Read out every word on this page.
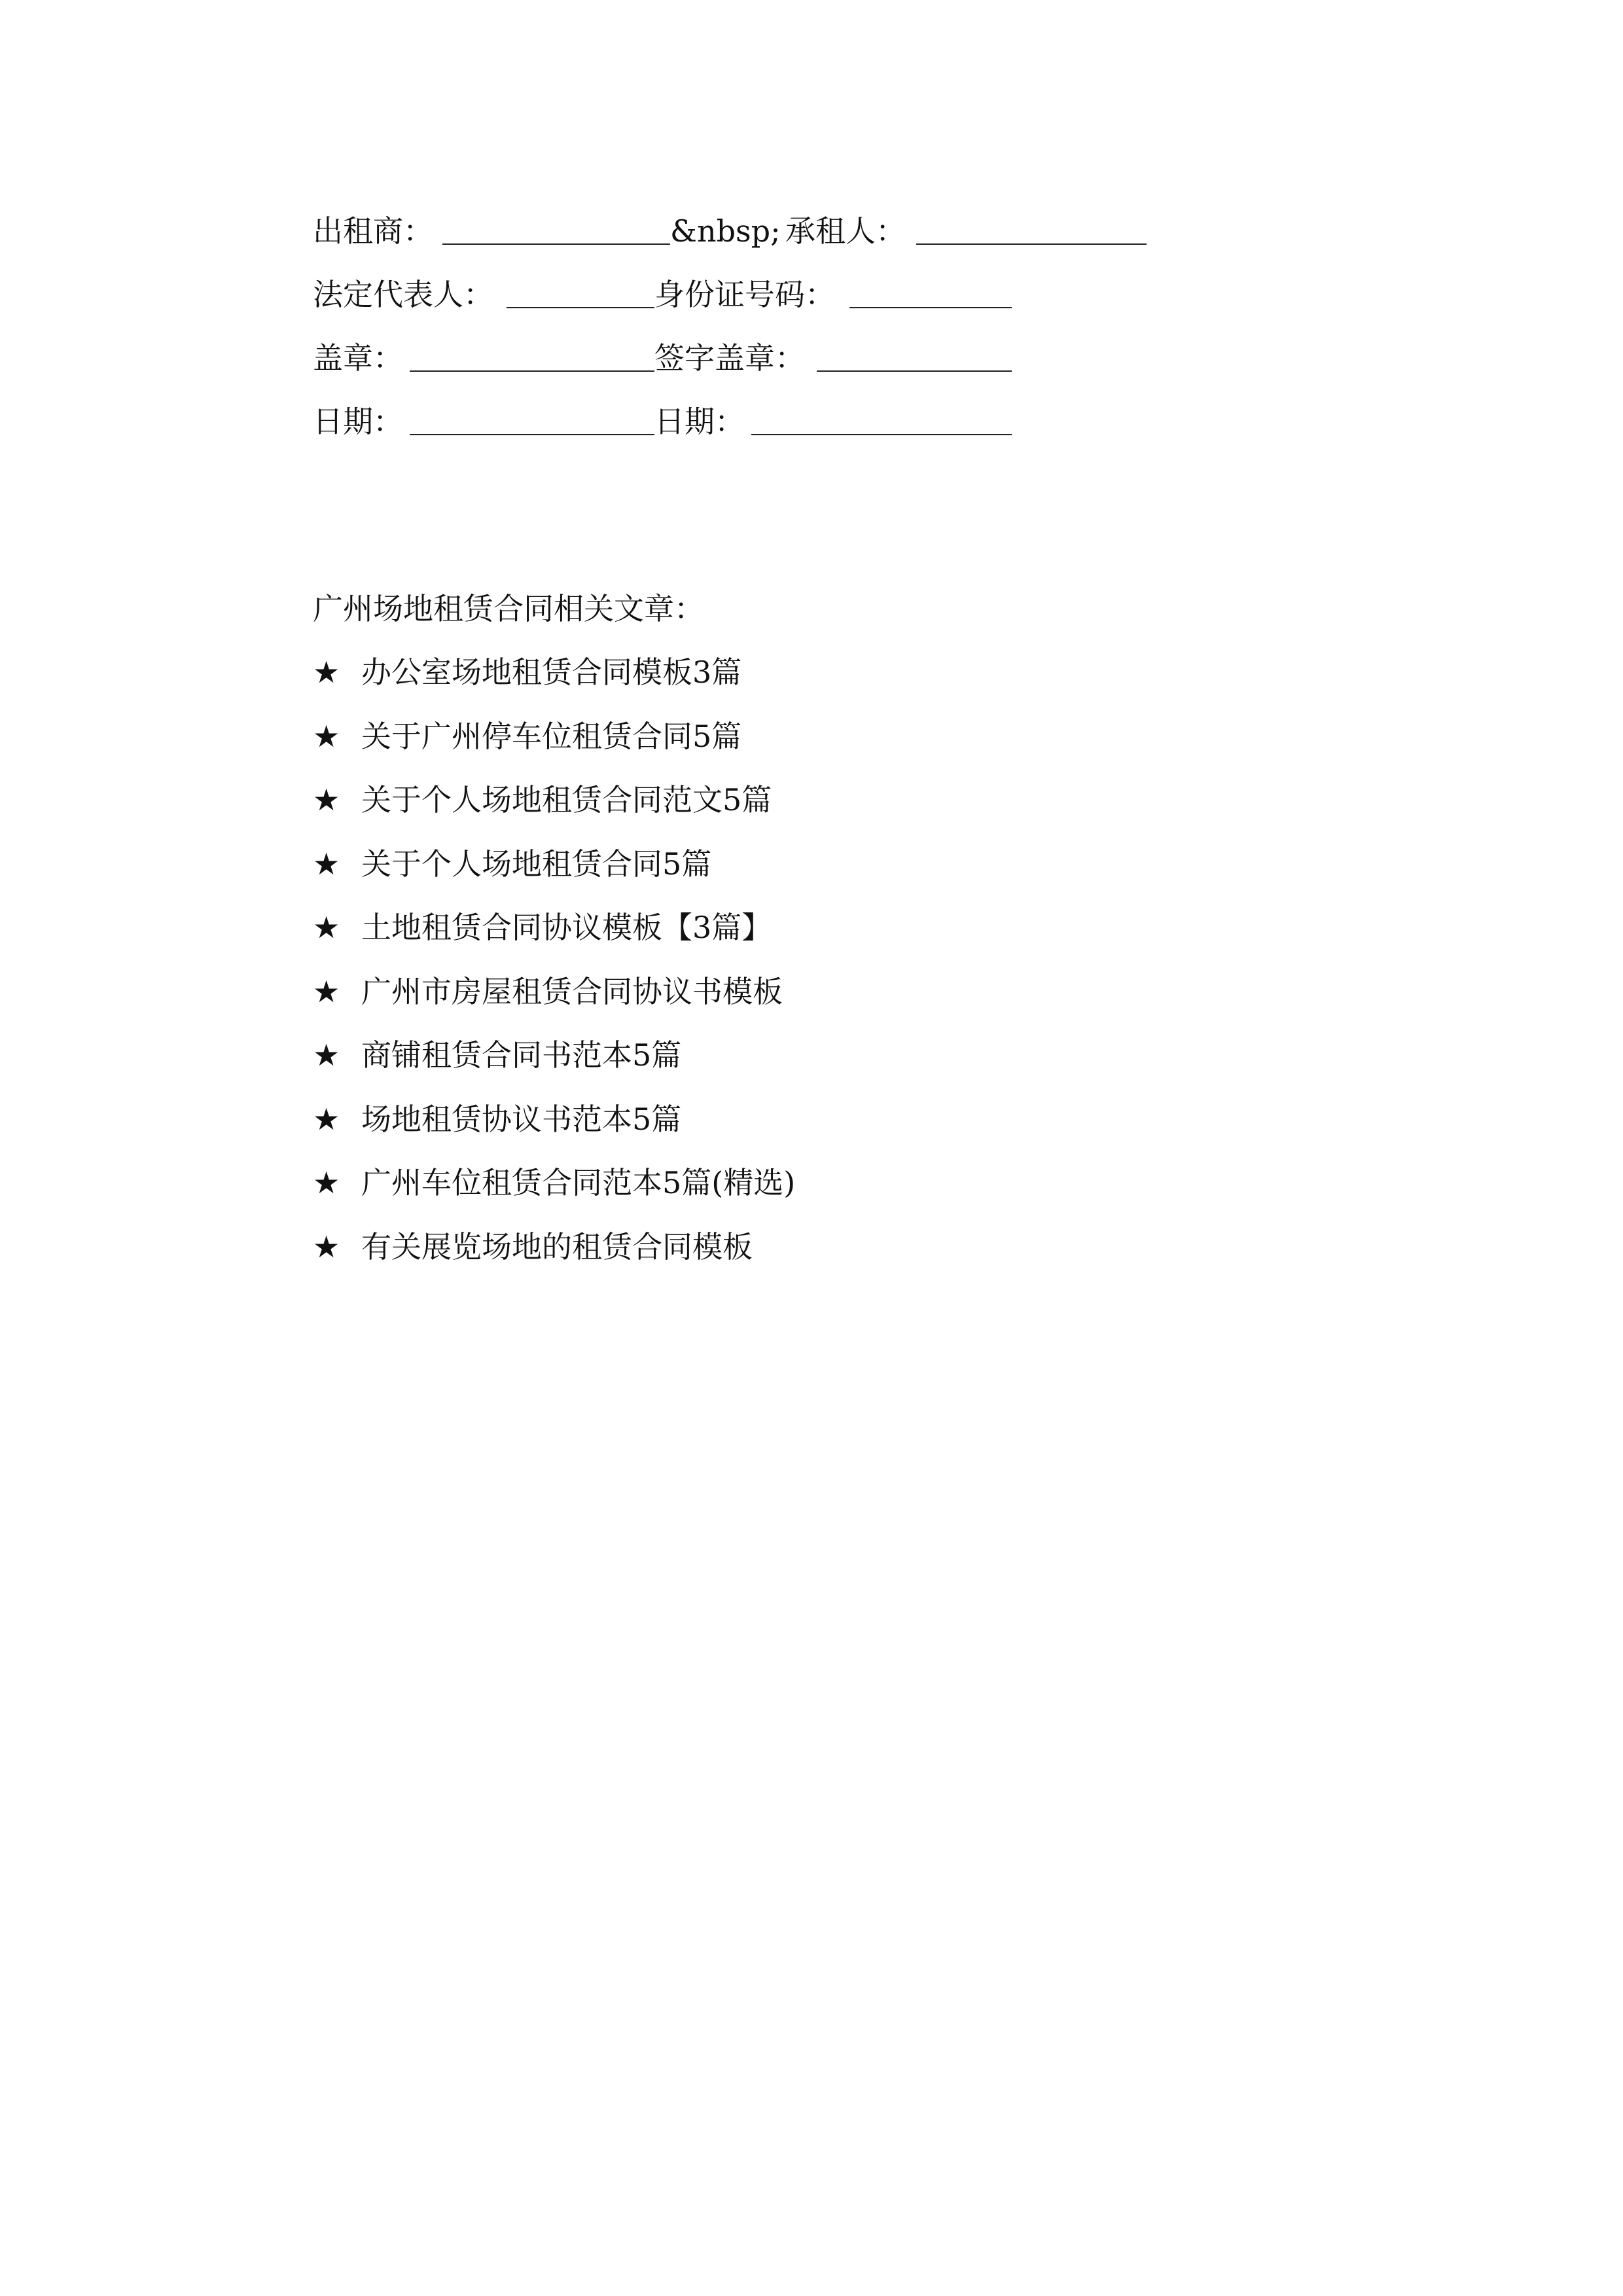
出租商：	&nbsp; 承租人：
法定代表人：	身份证号码：
盖章：	签字盖章：
日期：	日期：
广州场地租赁合同相关文章：
★ 办公室场地租赁合同模板3篇
★ 关于广州停车位租赁合同5篇
★ 关于个人场地租赁合同范文5篇
★ 关于个人场地租赁合同5篇
★ 土地租赁合同协议模板【3篇】
★ 广州市房屋租赁合同协议书模板
★ 商铺租赁合同书范本5篇
★ 场地租赁协议书范本5篇
★ 广州车位租赁合同范本5篇(精选)
★ 有关展览场地的租赁合同模板
